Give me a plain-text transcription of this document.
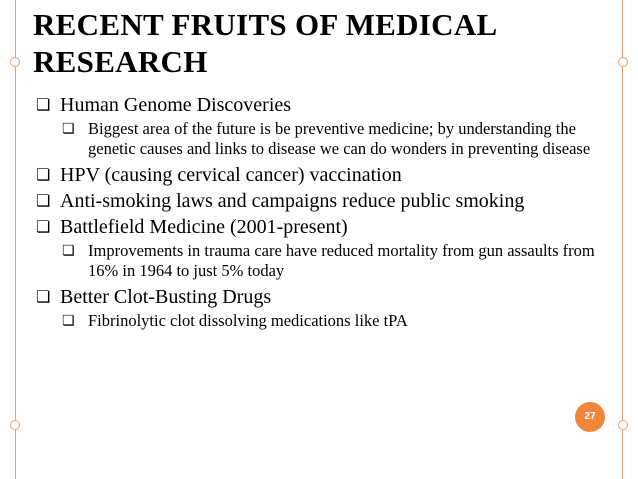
RECENT FRUITS OF MEDICAL RESEARCH
❏ Human Genome Discoveries
❏ Biggest area of the future is be preventive medicine; by understanding the genetic causes and links to disease we can do wonders in preventing disease
❏ HPV (causing cervical cancer) vaccination
❏ Anti-smoking laws and campaigns reduce public smoking
❏ Battlefield Medicine (2001-present)
❏ Improvements in trauma care have reduced mortality from gun assaults from 16% in 1964 to just 5% today
❏ Better Clot-Busting Drugs
❏ Fibrinolytic clot dissolving medications like tPA
27
